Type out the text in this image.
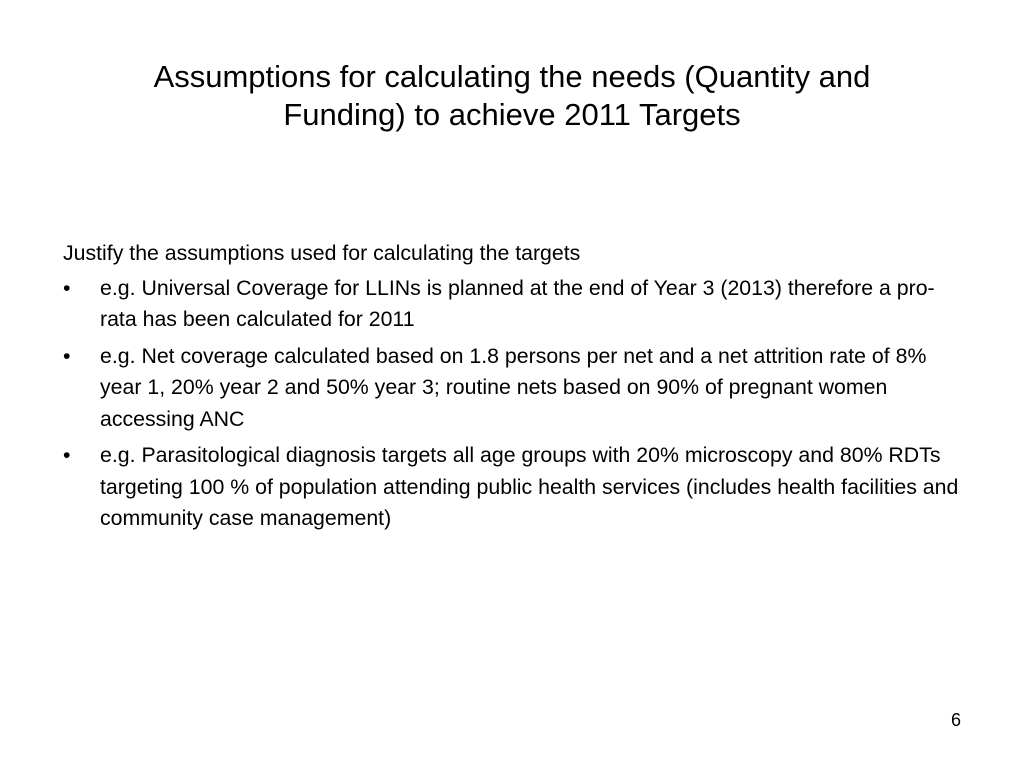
Assumptions for calculating the needs (Quantity and Funding) to achieve 2011 Targets

Justify the assumptions used for calculating the targets

• e.g. Universal Coverage for LLINs is planned at the end of Year 3 (2013) therefore a pro-rata has been calculated for 2011
• e.g. Net coverage calculated based on 1.8 persons per net and a net attrition rate of 8% year 1, 20% year 2 and 50% year 3; routine nets based on 90% of pregnant women accessing ANC
• e.g. Parasitological diagnosis targets all age groups with 20% microscopy and 80% RDTs targeting 100 % of population attending public health services (includes health facilities and community case management)
6
